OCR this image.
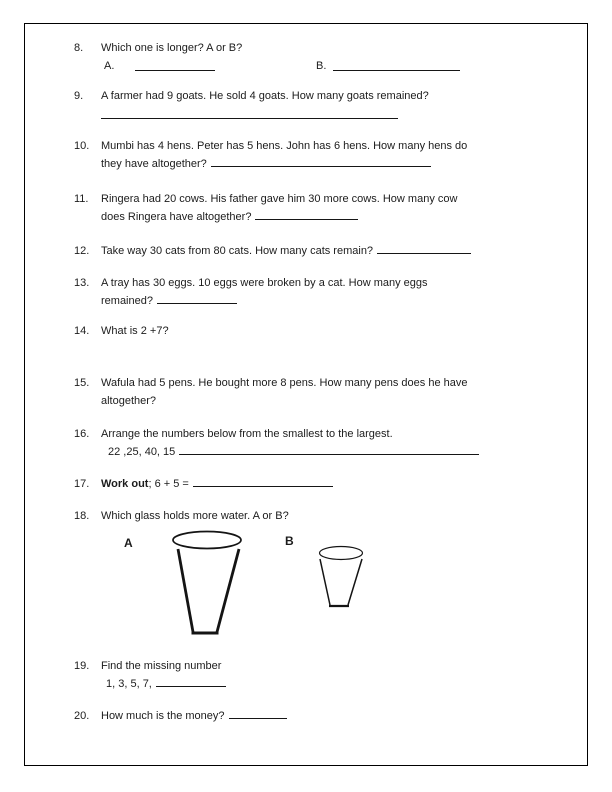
8.	Which one is longer? A or B?
A.	B.
9.	A farmer had 9 goats. He sold 4 goats. How many goats remained?
10.	Mumbi has 4 hens. Peter has 5 hens. John has 6 hens. How many hens do
they have altogether?
11.	Ringera had 20 cows. His father gave him 30 more cows. How many cow
does Ringera have altogether?
12.	Take way 30 cats from 80 cats. How many cats remain?
13.	A tray has 30 eggs. 10 eggs were broken by a cat. How many eggs
remained?
14.	What is 2 +7?
15.	Wafula had 5 pens. He bought more 8 pens. How many pens does he have
altogether?
16.	Arrange the numbers below from the smallest to the largest.
22 ,25, 40, 15
17.	Work out; 6 + 5 =
18.	Which glass holds more water. A or B?
A	B
19.	Find the missing number
1, 3, 5, 7,
20.	How much is the money?
